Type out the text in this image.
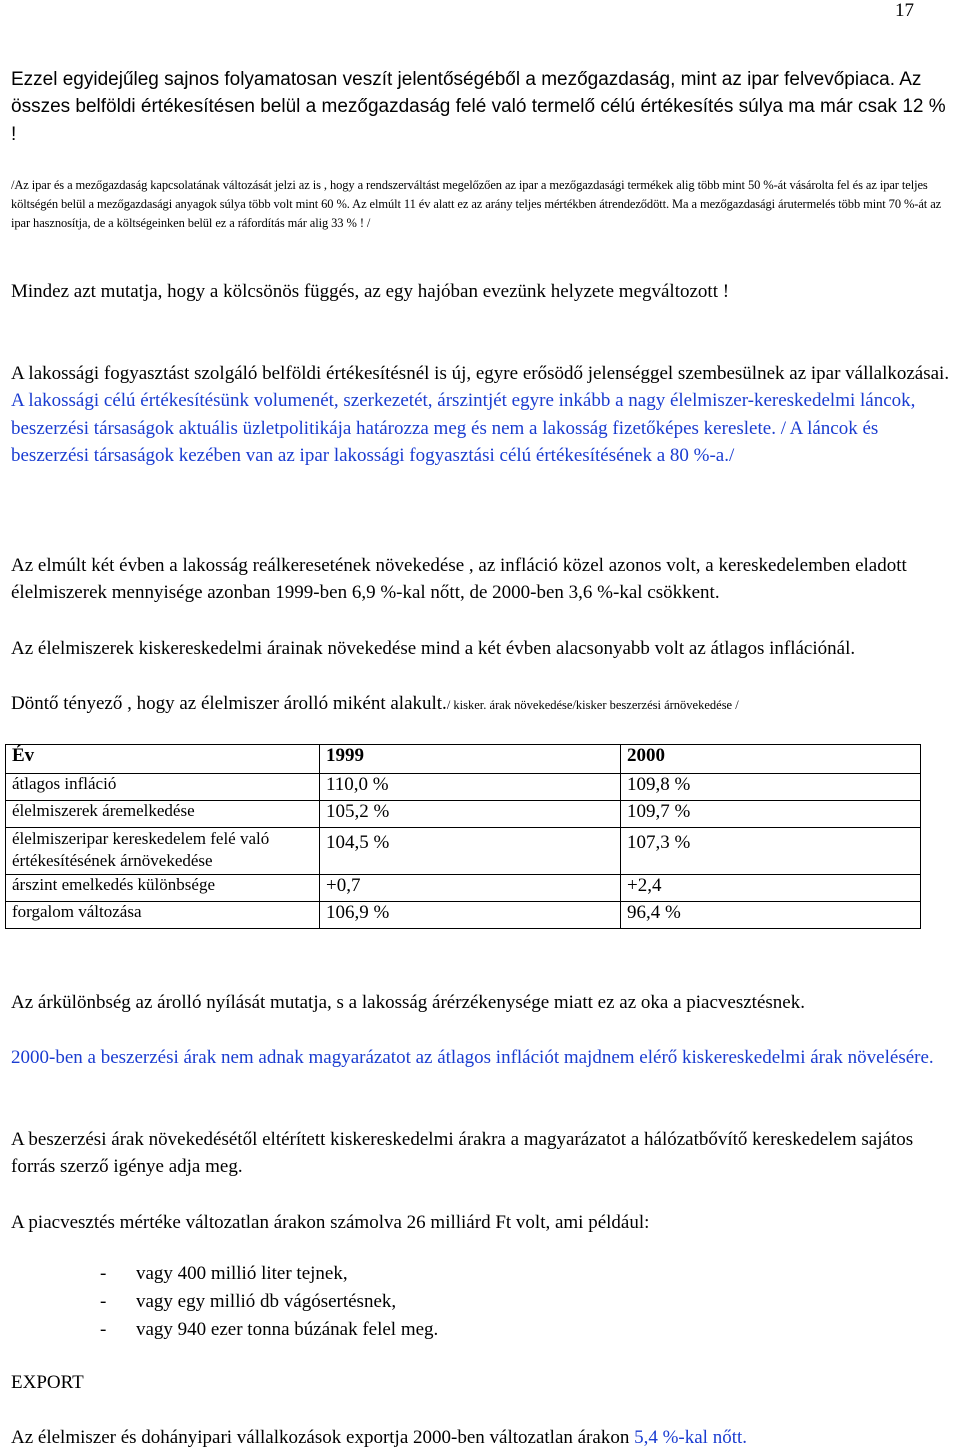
17

Ezzel egyidejűleg sajnos folyamatosan veszít jelentőségéből a mezőgazdaság, mint az ipar felvevőpiaca. Az összes belföldi értékesítésen belül a mezőgazdaság felé való termelő célú értékesítés súlya ma már csak 12 % !

/Az ipar és a mezőgazdaság kapcsolatának változását jelzi az is , hogy a rendszerváltást megelőzően az ipar a mezőgazdasági termékek alig több mint 50 %-át vásárolta fel és az ipar teljes költségén belül a mezőgazdasági anyagok súlya több volt mint 60 %. Az elmúlt 11 év alatt ez az arány teljes mértékben átrendeződött. Ma a mezőgazdasági árutermelés több mint 70 %-át az ipar hasznosítja, de a költségeinken belül ez a ráfordítás már alig 33 % ! /

Mindez azt mutatja, hogy a kölcsönös függés, az egy hajóban evezünk helyzete megváltozott !

A lakossági fogyasztást szolgáló belföldi értékesítésnél is új, egyre erősödő jelenséggel szembesülnek az ipar vállalkozásai. A lakossági célú értékesítésünk volumenét, szerkezetét, árszintjét egyre inkább a nagy élelmiszer-kereskedelmi láncok, beszerzési társaságok aktuális üzletpolitikája határozza meg és nem a lakosság fizetőképes kereslete. / A láncok és beszerzési társaságok kezében van az ipar lakossági fogyasztási célú értékesítésének a 80 %-a./

Az elmúlt két évben a lakosság reálkeresetének növekedése , az infláció közel azonos volt, a kereskedelemben eladott élelmiszerek mennyisége azonban 1999-ben 6,9 %-kal nőtt, de 2000-ben 3,6 %-kal csökkent.

Az élelmiszerek kiskereskedelmi árainak növekedése mind a két évben alacsonyabb volt az átlagos inflációnál.

Döntő tényező , hogy az élelmiszer árolló miként alakult./ kisker. árak növekedése/kisker beszerzési árnövekedése /
Év	1999	2000
átlagos infláció	110,0 %	109,8 %
élelmiszerek áremelkedése	105,2 %	109,7 %
élelmiszeripar kereskedelem felé való értékesítésének árnövekedése	104,5 %	107,3 %
árszint emelkedés különbsége	+0,7	+2,4
forgalom változása	106,9 %	96,4 %

Az árkülönbség az árolló nyílását mutatja, s a lakosság árérzékenysége miatt ez az oka a piacvesztésnek.

2000-ben a beszerzési árak nem adnak magyarázatot az átlagos inflációt majdnem elérő kiskereskedelmi árak növelésére.

A beszerzési árak növekedésétől eltérített kiskereskedelmi árakra a magyarázatot a hálózatbővítő kereskedelem sajátos forrás szerző igénye adja meg.

A piacvesztés mértéke változatlan árakon számolva 26 milliárd Ft volt, ami például:

- vagy 400 millió liter tejnek,
- vagy egy millió db vágósertésnek,
- vagy 940 ezer tonna búzának felel meg.

EXPORT

Az élelmiszer és dohányipari vállalkozások exportja 2000-ben változatlan árakon 5,4 %-kal nőtt.
